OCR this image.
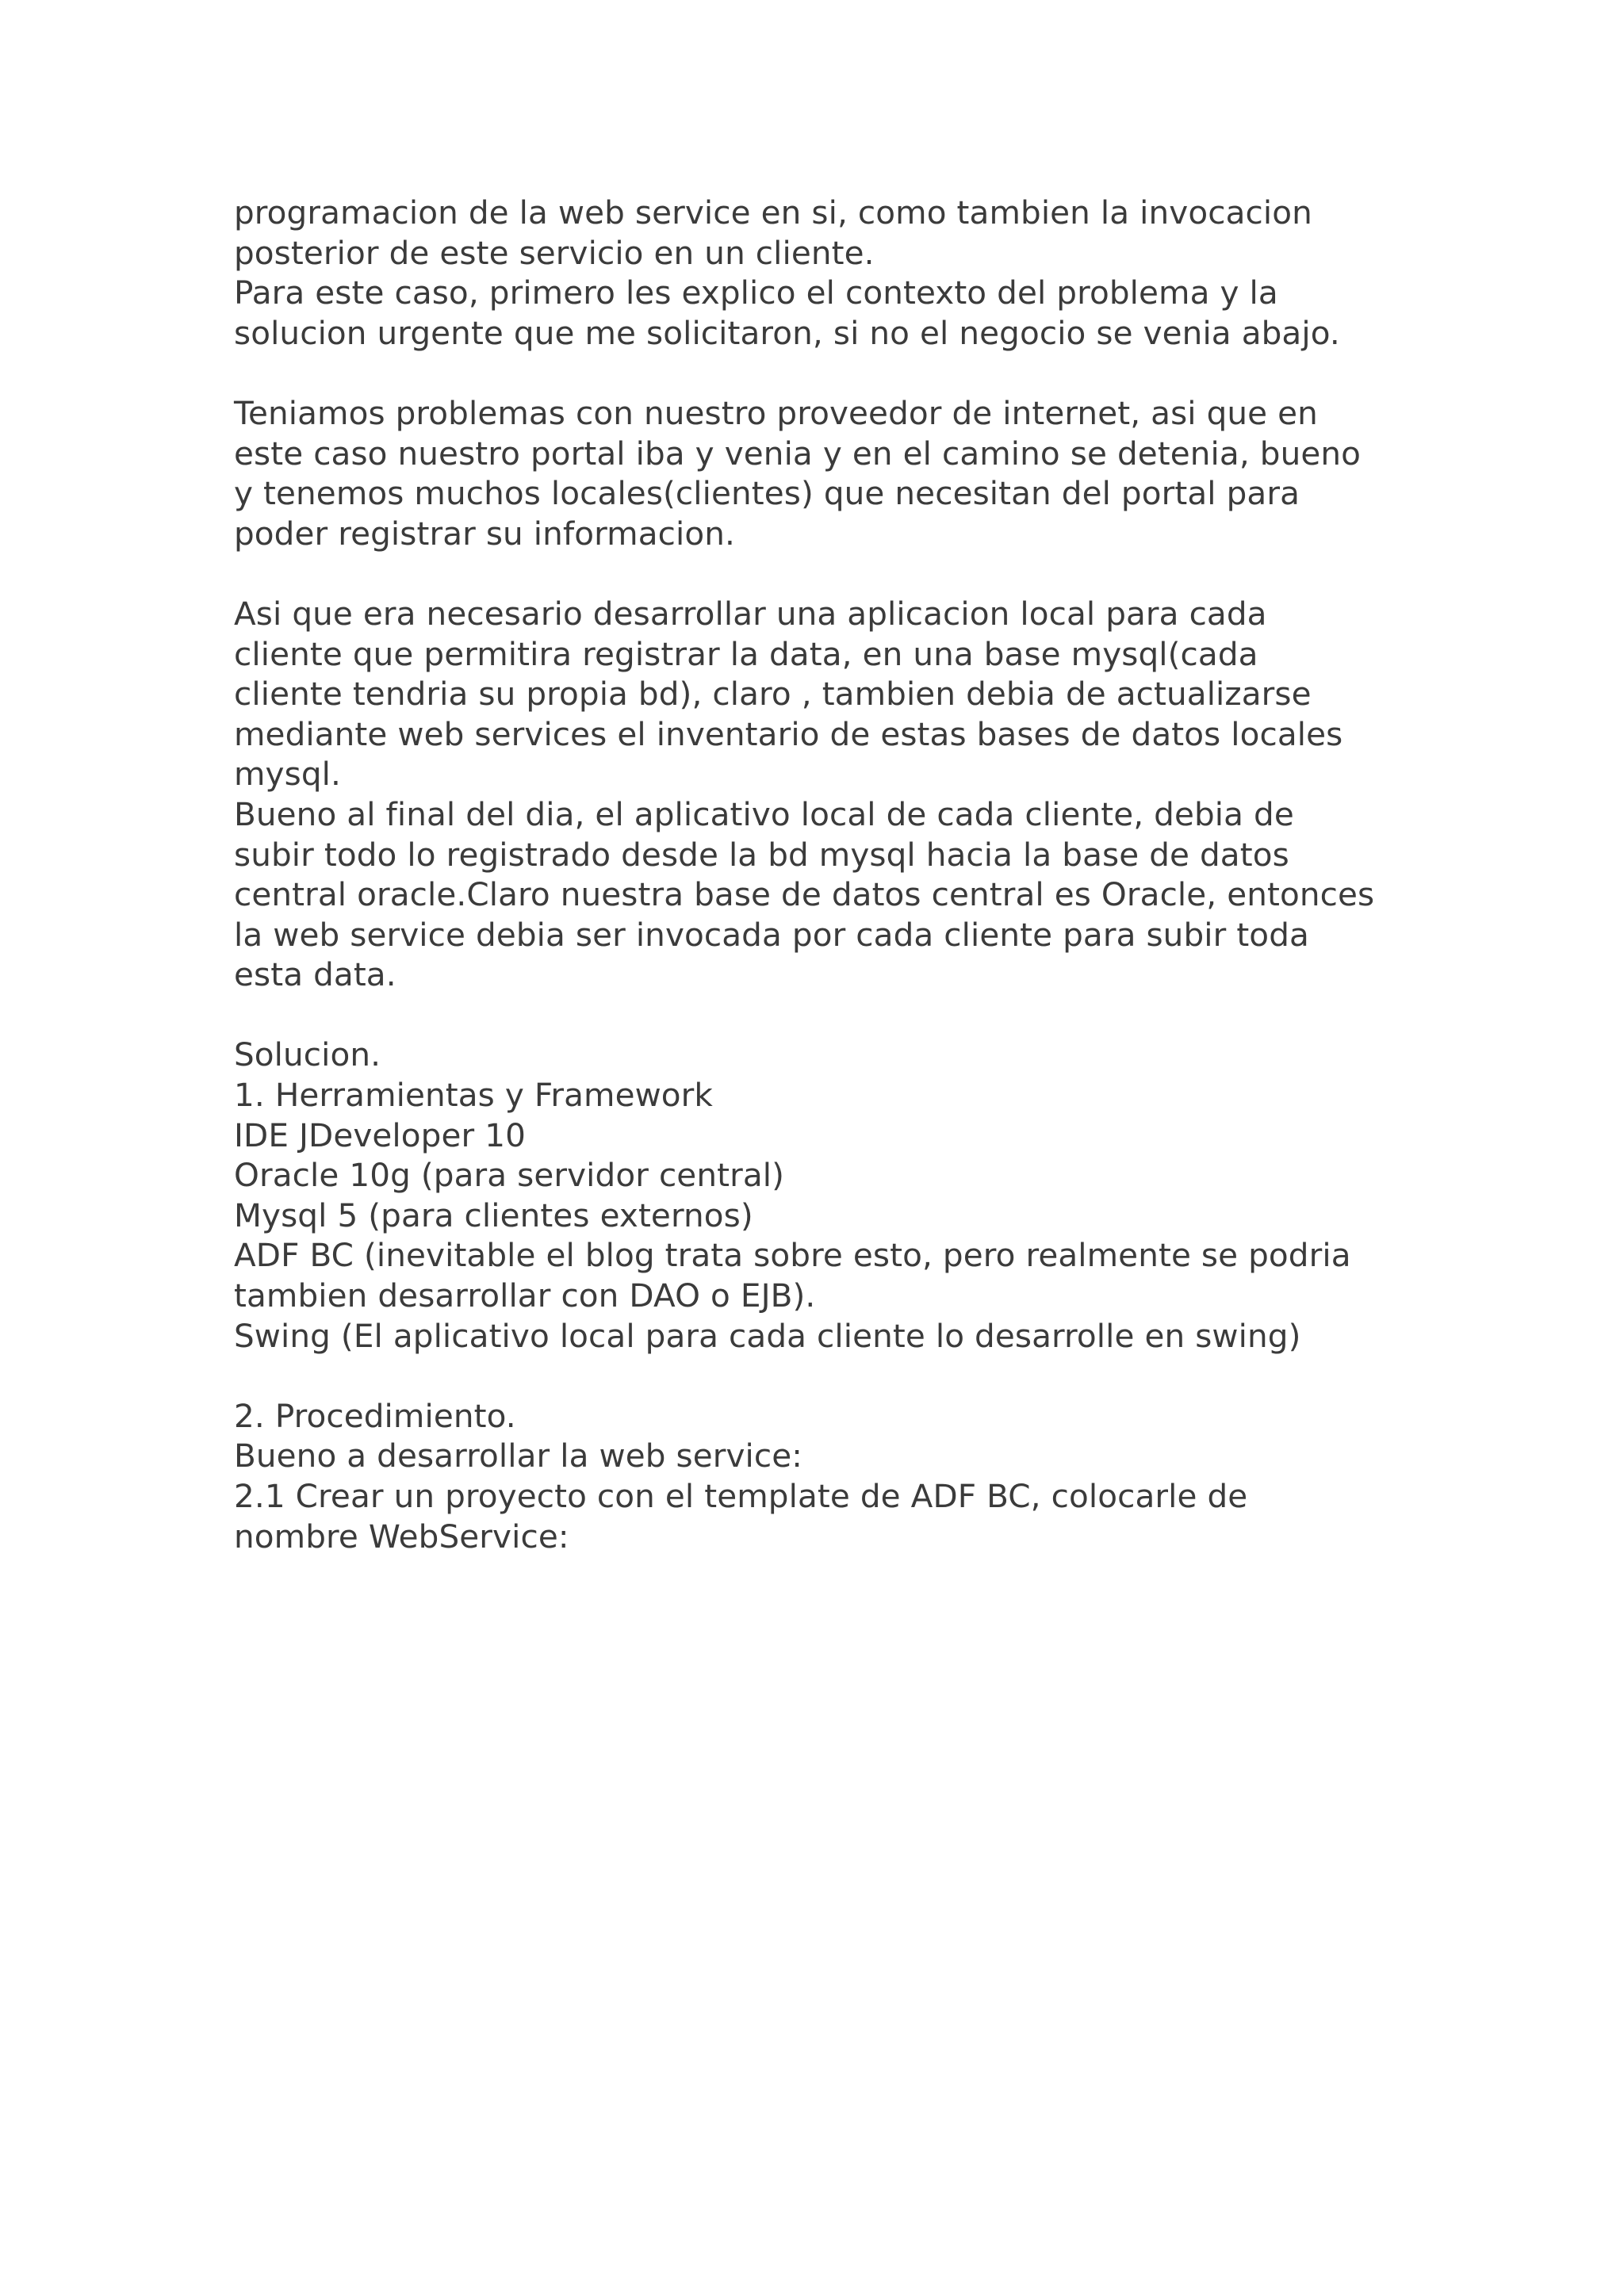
programacion de la web service en si, como tambien la invocacion
posterior de este servicio en un cliente.
Para este caso, primero les explico el contexto del problema y la
solucion urgente que me solicitaron, si no el negocio se venia abajo.
Teniamos problemas con nuestro proveedor de internet, asi que en
este caso nuestro portal iba y venia y en el camino se detenia, bueno
y tenemos muchos locales(clientes) que necesitan del portal para
poder registrar su informacion.
Asi que era necesario desarrollar una aplicacion local para cada
cliente que permitira registrar la data, en una base mysql(cada
cliente tendria su propia bd), claro , tambien debia de actualizarse
mediante web services el inventario de estas bases de datos locales
mysql.
Bueno al final del dia, el aplicativo local de cada cliente, debia de
subir todo lo registrado desde la bd mysql hacia la base de datos
central oracle.Claro nuestra base de datos central es Oracle, entonces
la web service debia ser invocada por cada cliente para subir toda
esta data.
Solucion.
1. Herramientas y Framework
IDE JDeveloper 10
Oracle 10g (para servidor central)
Mysql 5 (para clientes externos)
ADF BC (inevitable el blog trata sobre esto, pero realmente se podria
tambien desarrollar con DAO o EJB).
Swing (El aplicativo local para cada cliente lo desarrolle en swing)
2. Procedimiento.
Bueno a desarrollar la web service:
2.1 Crear un proyecto con el template de ADF BC, colocarle de
nombre WebService:
